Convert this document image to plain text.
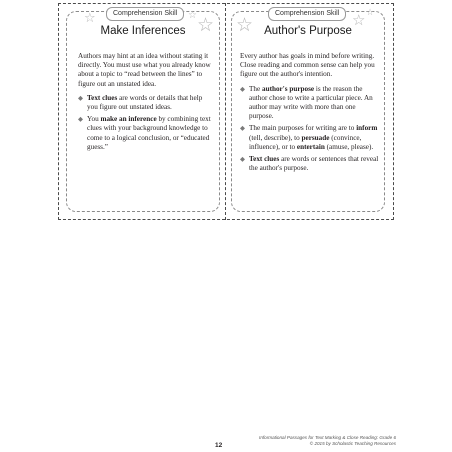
☆	☆ ☆
Comprehension Skill
Make Inferences

Authors may hint at an idea without stating it directly. You must use what you already know about a topic to “read between the lines” to figure out an unstated idea.

◆ Text clues are words or details that help you figure out unstated ideas.
◆ You make an inference by combining text clues with your background knowledge to come to a logical conclusion, or “educated guess.”
☆	☆ ☆
Comprehension Skill
Author's Purpose

Every author has goals in mind before writing. Close reading and common sense can help you figure out the author's intention.

◆ The author's purpose is the reason the author chose to write a particular piece. An author may write with more than one purpose.
◆ The main purposes for writing are to inform (tell, describe), to persuade (convince, influence), or to entertain (amuse, please).
◆ Text clues are words or sentences that reveal the author's purpose.
12
Informational Passages for Text Marking & Close Reading: Grade 6
© 2015 by Scholastic Teaching Resources
